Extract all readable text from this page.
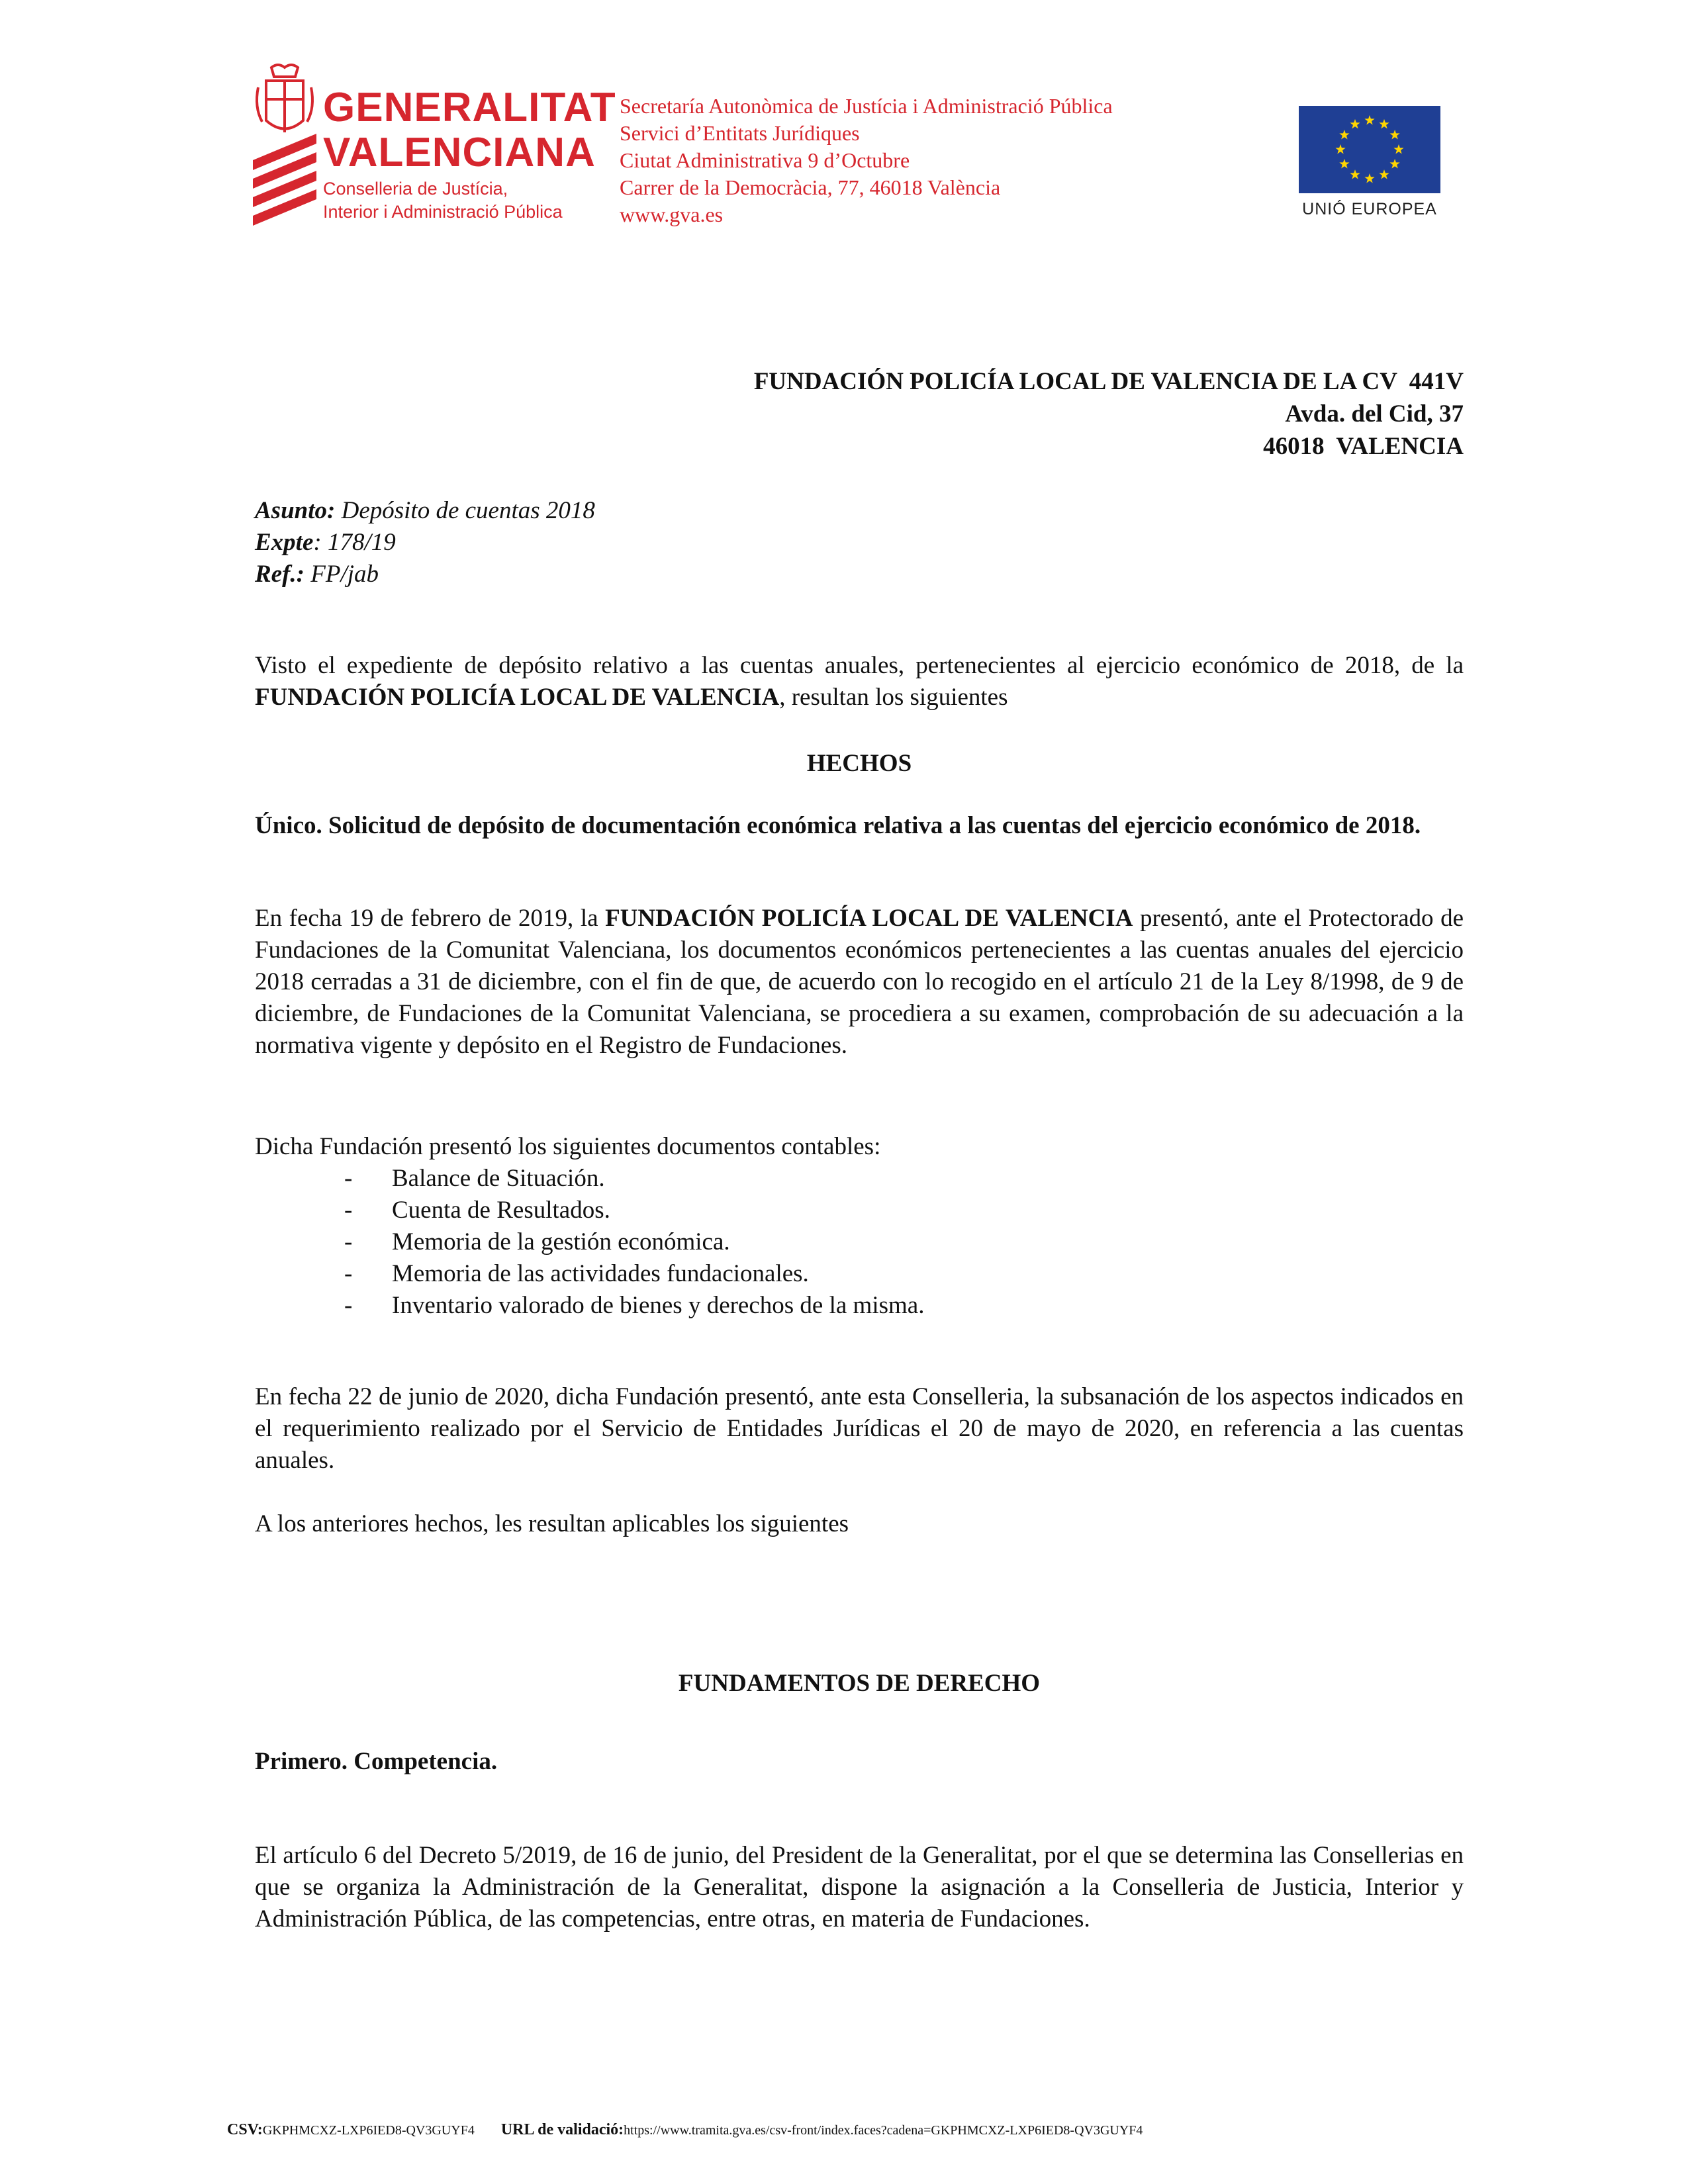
GENERALITAT
VALENCIANA
Conselleria de Justícia,
Interior i Administració Pública
Secretaría Autonòmica de Justícia i Administració Pública
Servici d’Entitats Jurídiques
Ciutat Administrativa 9 d’Octubre
Carrer de la Democràcia, 77, 46018 València
www.gva.es	UNIÓ EUROPEA
FUNDACIÓN POLICÍA LOCAL DE VALENCIA DE LA CV  441V
Avda. del Cid, 37
46018  VALENCIA
Asunto: Depósito de cuentas 2018
Expte: 178/19
Ref.: FP/jab
Visto el expediente de depósito relativo a las cuentas anuales, pertenecientes al ejercicio económico de 2018, de la FUNDACIÓN POLICÍA LOCAL DE VALENCIA, resultan los siguientes
HECHOS
Único. Solicitud de depósito de documentación económica relativa a las cuentas del ejercicio económico de 2018.
En fecha 19 de febrero de 2019, la FUNDACIÓN POLICÍA LOCAL DE VALENCIA presentó, ante el Protectorado de Fundaciones de la Comunitat Valenciana, los documentos económicos pertenecientes a las cuentas anuales del ejercicio 2018 cerradas a 31 de diciembre, con el fin de que, de acuerdo con lo recogido en el artículo 21 de la Ley 8/1998, de 9 de diciembre, de Fundaciones de la Comunitat Valenciana, se procediera a su examen, comprobación de su adecuación a la normativa vigente y depósito en el Registro de Fundaciones.
Dicha Fundación presentó los siguientes documentos contables:
- Balance de Situación.
- Cuenta de Resultados.
- Memoria de la gestión económica.
- Memoria de las actividades fundacionales.
- Inventario valorado de bienes y derechos de la misma.
En fecha 22 de junio de 2020, dicha Fundación presentó, ante esta Conselleria, la subsanación de los aspectos indicados en el requerimiento realizado por el Servicio de Entidades Jurídicas el 20 de mayo de 2020, en referencia a las cuentas anuales.
A los anteriores hechos, les resultan aplicables los siguientes
FUNDAMENTOS DE DERECHO
Primero. Competencia.
El artículo 6 del Decreto 5/2019, de 16 de junio, del President de la Generalitat, por el que se determina las Consellerias en que se organiza la Administración de la Generalitat, dispone la asignación a la Conselleria de Justicia, Interior y Administración Pública, de las competencias, entre otras, en materia de Fundaciones.
CSV:GKPHMCXZ-LXP6IED8-QV3GUYF4 URL de validació:https://www.tramita.gva.es/csv-front/index.faces?cadena=GKPHMCXZ-LXP6IED8-QV3GUYF4
